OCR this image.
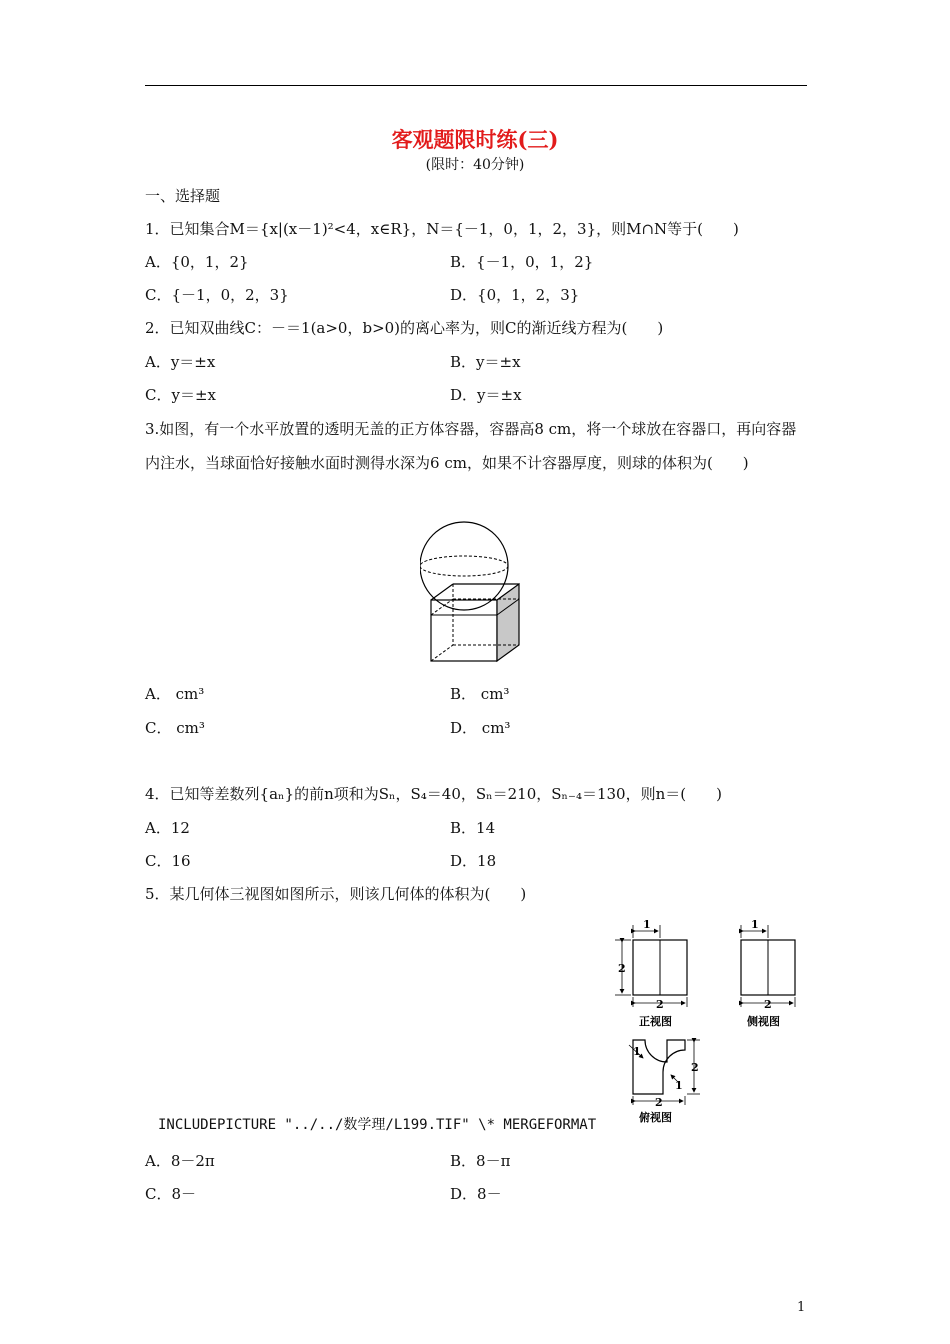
客观题限时练(三)
(限时：40分钟)
一、选择题
1．已知集合M＝{x|(x－1)²<4，x∈R}，N＝{－1，0，1，2，3}，则M∩N等于(　　)
A．{0，1，2}	B．{－1，0，1，2}
C．{－1，0，2，3}	D．{0，1，2，3}
2．已知双曲线C：－＝1(a>0，b>0)的离心率为，则C的渐近线方程为(　　)
A．y＝±x	B．y＝±x
C．y＝±x	D．y＝±x
3.如图，有一个水平放置的透明无盖的正方体容器，容器高8 cm，将一个球放在容器口，再向容器内注水，当球面恰好接触水面时测得水深为6 cm，如果不计容器厚度，则球的体积为(　　)
A． cm³	B． cm³
C． cm³	D． cm³
4．已知等差数列{aₙ}的前n项和为Sₙ，S₄＝40，Sₙ＝210，Sₙ₋₄＝130，则n＝(　　)
A．12	B．14
C．16	D．18
5．某几何体三视图如图所示，则该几何体的体积为(　　)
1
2
2
正视图
1
2
侧视图
1
2
1
2
俯视图
INCLUDEPICTURE "../../数学理/L199.TIF" \* MERGEFORMAT
A．8－2π	B．8－π
C．8－	D．8－
1
